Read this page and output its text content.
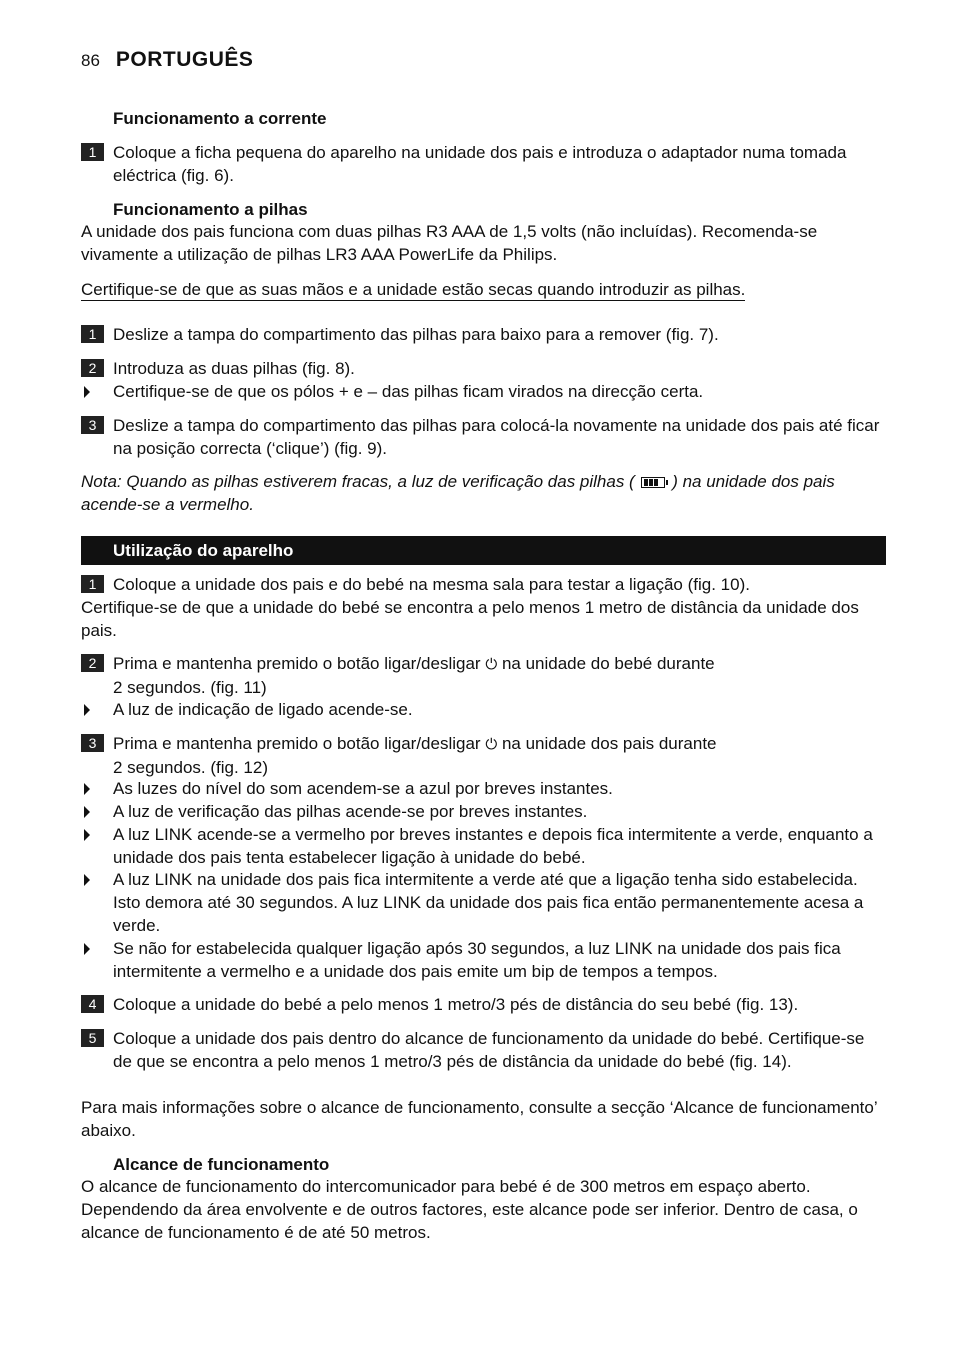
86 PORTUGUÊS
Funcionamento a corrente
1 Coloque a ficha pequena do aparelho na unidade dos pais e introduza o adaptador numa tomada eléctrica (fig. 6).
Funcionamento a pilhas
A unidade dos pais funciona com duas pilhas R3 AAA de 1,5 volts (não incluídas). Recomenda-se vivamente a utilização de pilhas LR3 AAA PowerLife da Philips.
Certifique-se de que as suas mãos e a unidade estão secas quando introduzir as pilhas.
1 Deslize a tampa do compartimento das pilhas para baixo para a remover (fig. 7).
2 Introduza as duas pilhas (fig. 8).
Certifique-se de que os pólos + e – das pilhas ficam virados na direcção certa.
3 Deslize a tampa do compartimento das pilhas para colocá-la novamente na unidade dos pais até ficar na posição correcta (‘clique’) (fig. 9).
Nota: Quando as pilhas estiverem fracas, a luz de verificação das pilhas ( ) na unidade dos pais acende-se a vermelho.
Utilização do aparelho
1 Coloque a unidade dos pais e do bebé na mesma sala para testar a ligação (fig. 10).
Certifique-se de que a unidade do bebé se encontra a pelo menos 1 metro de distância da unidade dos pais.
2 Prima e mantenha premido o botão ligar/desligar ⏻ na unidade do bebé durante
2 segundos. (fig. 11)
A luz de indicação de ligado acende-se.
3 Prima e mantenha premido o botão ligar/desligar ⏻ na unidade dos pais durante
2 segundos. (fig. 12)
As luzes do nível do som acendem-se a azul por breves instantes.
A luz de verificação das pilhas acende-se por breves instantes.
A luz LINK acende-se a vermelho por breves instantes e depois fica intermitente a verde, enquanto a unidade dos pais tenta estabelecer ligação à unidade do bebé.
A luz LINK na unidade dos pais fica intermitente a verde até que a ligação tenha sido estabelecida. Isto demora até 30 segundos. A luz LINK da unidade dos pais fica então permanentemente acesa a verde.
Se não for estabelecida qualquer ligação após 30 segundos, a luz LINK na unidade dos pais fica intermitente a vermelho e a unidade dos pais emite um bip de tempos a tempos.
4 Coloque a unidade do bebé a pelo menos 1 metro/3 pés de distância do seu bebé (fig. 13).
5 Coloque a unidade dos pais dentro do alcance de funcionamento da unidade do bebé. Certifique-se de que se encontra a pelo menos 1 metro/3 pés de distância da unidade do bebé (fig. 14).
Para mais informações sobre o alcance de funcionamento, consulte a secção ‘Alcance de funcionamento’ abaixo.
Alcance de funcionamento
O alcance de funcionamento do intercomunicador para bebé é de 300 metros em espaço aberto. Dependendo da área envolvente e de outros factores, este alcance pode ser inferior. Dentro de casa, o alcance de funcionamento é de até 50 metros.
